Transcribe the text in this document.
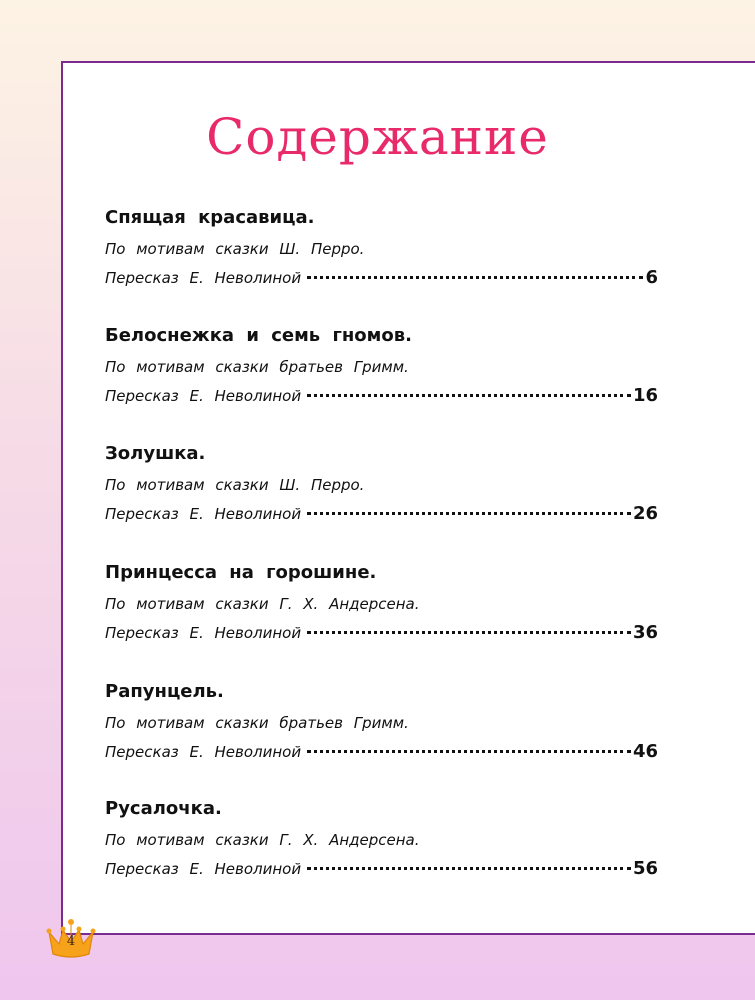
Содержание
Спящая красавица.
По мотивам сказки Ш. Перро.
Пересказ Е. Неволиной	6
Белоснежка и семь гномов.
По мотивам сказки братьев Гримм.
Пересказ Е. Неволиной	16
Золушка.
По мотивам сказки Ш. Перро.
Пересказ Е. Неволиной	26
Принцесса на горошине.
По мотивам сказки Г. Х. Андерсена.
Пересказ Е. Неволиной	36
Рапунцель.
По мотивам сказки братьев Гримм.
Пересказ Е. Неволиной	46
Русалочка.
По мотивам сказки Г. Х. Андерсена.
Пересказ Е. Неволиной	56
4
